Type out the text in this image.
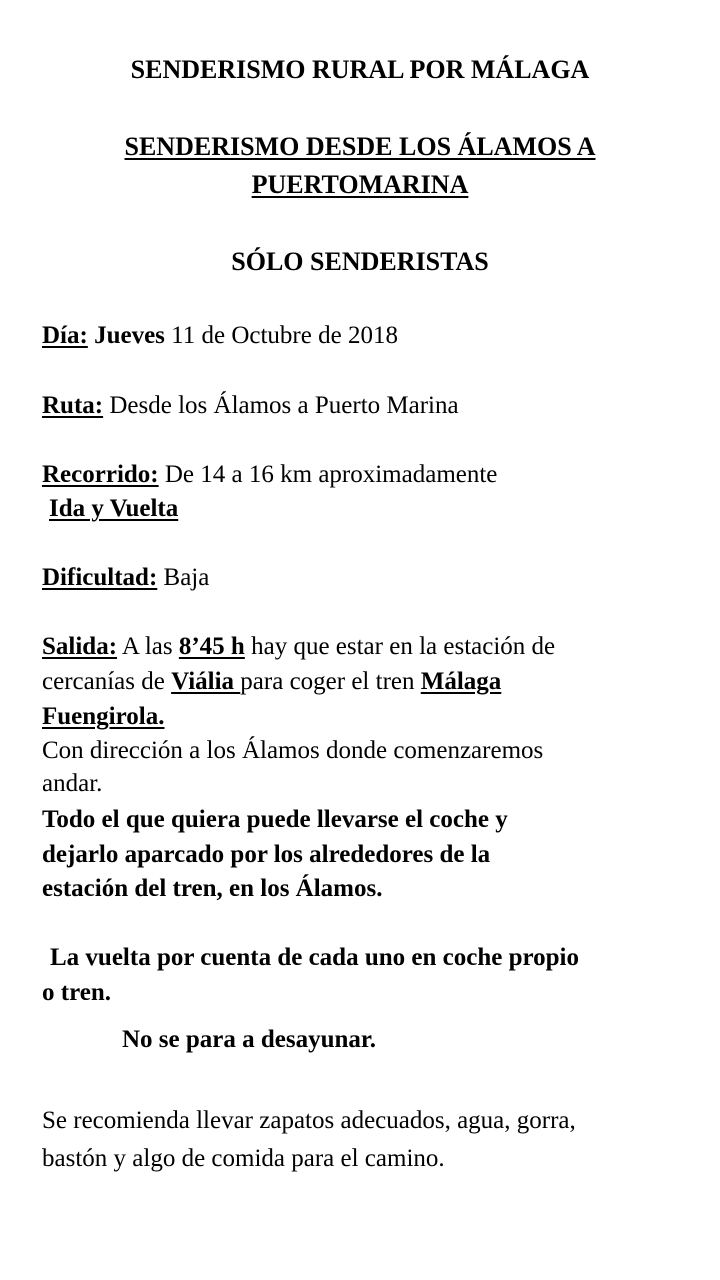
SENDERISMO RURAL POR MÁLAGA
SENDERISMO DESDE LOS ÁLAMOS A
PUERTOMARINA
SÓLO SENDERISTAS
Día: Jueves 11 de Octubre de 2018
Ruta: Desde los Álamos a Puerto Marina
Recorrido: De 14 a 16 km aproximadamente
Ida y Vuelta
Dificultad: Baja
Salida: A las 8’45 h hay que estar en la estación de
cercanías de Viália para coger el tren Málaga
Fuengirola.
Con dirección a los Álamos donde comenzaremos
andar.
Todo el que quiera puede llevarse el coche y
dejarlo aparcado por los alrededores de la
estación del tren, en los Álamos.
La vuelta por cuenta de cada uno en coche propio
o tren.
No se para a desayunar.
Se recomienda llevar zapatos adecuados, agua, gorra,
bastón y algo de comida para el camino.
